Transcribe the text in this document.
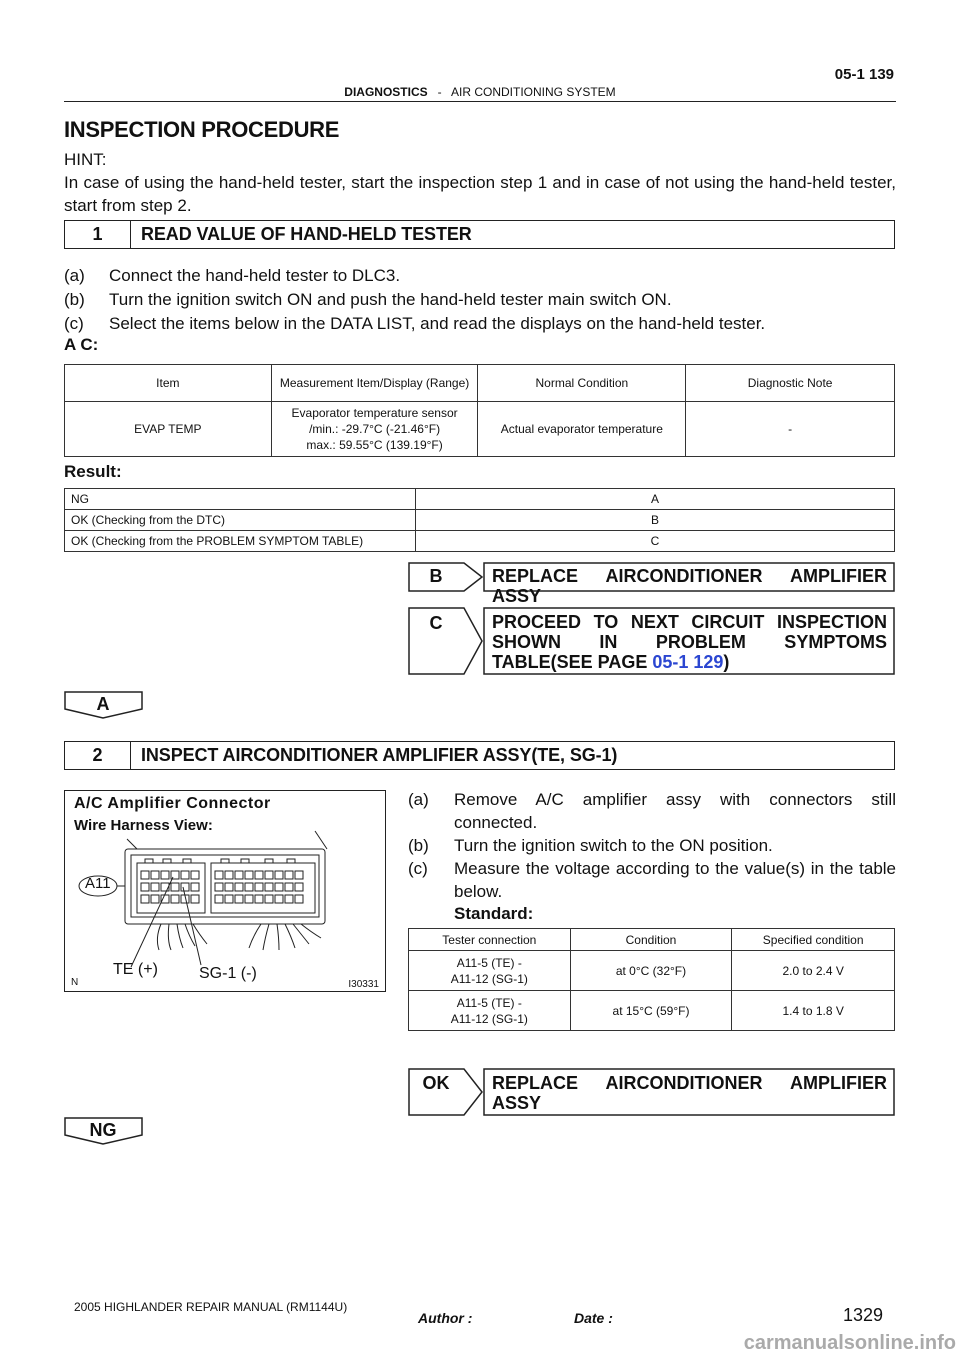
05-1 139
DIAGNOSTICS - AIR CONDITIONING SYSTEM
INSPECTION PROCEDURE
HINT:
In case of using the hand-held tester, start the inspection step 1 and in case of not using the hand-held tester, start from step 2.
1	READ VALUE OF HAND-HELD TESTER
(a) Connect the hand-held tester to DLC3.
(b) Turn the ignition switch ON and push the hand-held tester main switch ON.
(c) Select the items below in the DATA LIST, and read the displays on the hand-held tester.
A C:
Item	Measurement Item/Display (Range)	Normal Condition	Diagnostic Note
EVAP TEMP	Evaporator temperature sensor
/min.: -29.7°C (-21.46°F)
max.: 59.55°C (139.19°F)	Actual evaporator temperature	-
Result:
NG	A
OK (Checking from the DTC)	B
OK (Checking from the PROBLEM SYMPTOM TABLE)	C
B	REPLACE AIRCONDITIONER AMPLIFIER ASSY
C	PROCEED TO NEXT CIRCUIT INSPECTION SHOWN IN PROBLEM SYMPTOMS TABLE(SEE PAGE 05-1 129)
A
2	INSPECT AIRCONDITIONER AMPLIFIER ASSY(TE, SG-1)
A/C Amplifier Connector
Wire Harness View:
A11
TE (+)	SG-1 (-)
N	I30331
(a)	Remove A/C amplifier assy with connectors still connected.
(b)	Turn the ignition switch to the ON position.
(c)	Measure the voltage according to the value(s) in the table below.
Standard:
Tester connection	Condition	Specified condition

A11-5 (TE) -
A11-12 (SG-1)	at 0°C (32°F)	2.0 to 2.4 V

A11-5 (TE) -
A11-12 (SG-1)	at 15°C (59°F)	1.4 to 1.8 V
OK	REPLACE AIRCONDITIONER AMPLIFIER ASSY
NG
2005 HIGHLANDER REPAIR MANUAL (RM1144U)
Author :	Date :	1329
carmanualsonline.info
